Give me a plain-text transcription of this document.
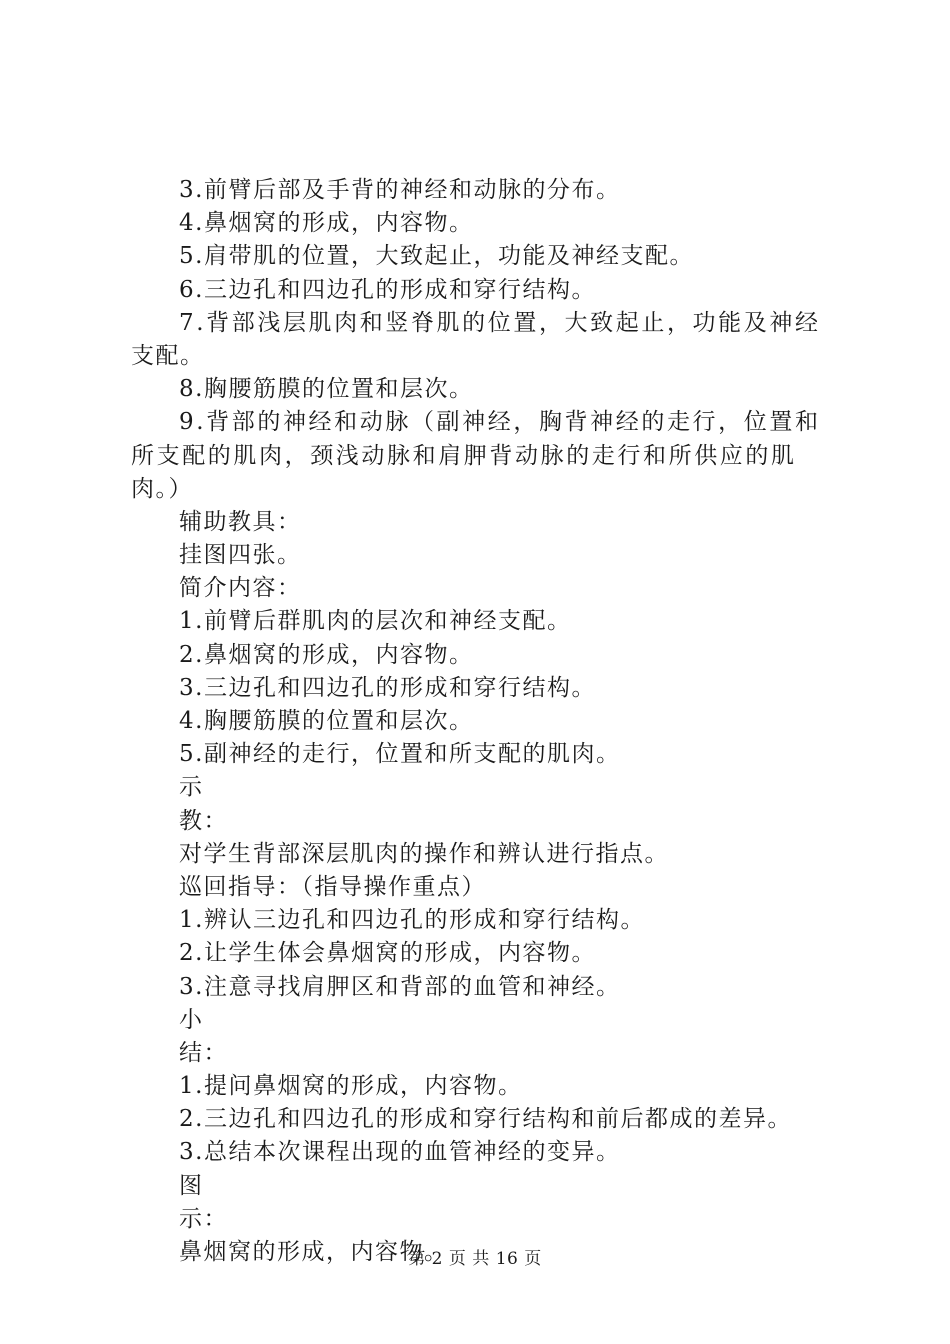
3.前臂后部及手背的神经和动脉的分布。
4.鼻烟窝的形成，内容物。
5.肩带肌的位置，大致起止，功能及神经支配。
6.三边孔和四边孔的形成和穿行结构。
7.背部浅层肌肉和竖脊肌的位置，大致起止，功能及神经
支配。
8.胸腰筋膜的位置和层次。
9.背部的神经和动脉（副神经，胸背神经的走行，位置和
所支配的肌肉，颈浅动脉和肩胛背动脉的走行和所供应的肌
肉。）
辅助教具：
挂图四张。
简介内容：
1.前臂后群肌肉的层次和神经支配。
2.鼻烟窝的形成，内容物。
3.三边孔和四边孔的形成和穿行结构。
4.胸腰筋膜的位置和层次。
5.副神经的走行，位置和所支配的肌肉。
示
教：
对学生背部深层肌肉的操作和辨认进行指点。
巡回指导：（指导操作重点）
1.辨认三边孔和四边孔的形成和穿行结构。
2.让学生体会鼻烟窝的形成，内容物。
3.注意寻找肩胛区和背部的血管和神经。
小
结：
1.提问鼻烟窝的形成，内容物。
2.三边孔和四边孔的形成和穿行结构和前后都成的差异。
3.总结本次课程出现的血管神经的变异。
图
示：
鼻烟窝的形成，内容物。
第 2 页 共 16 页
